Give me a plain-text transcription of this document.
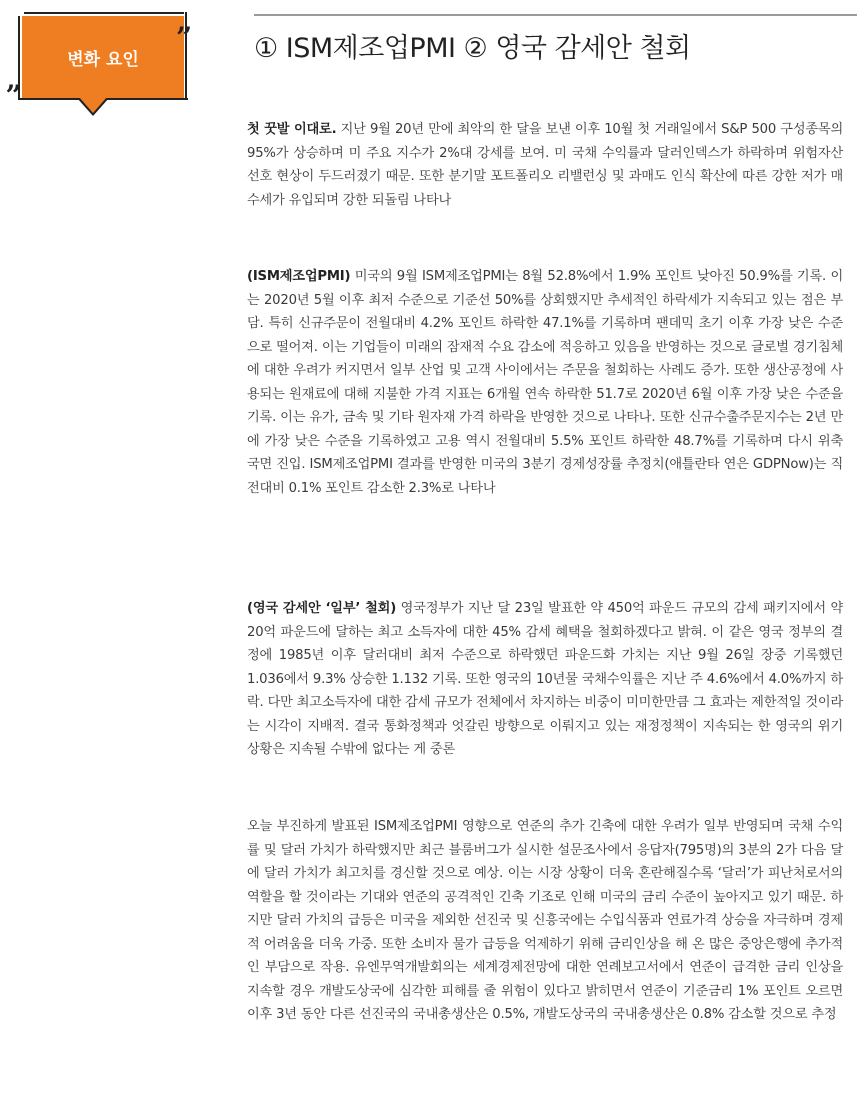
변화 요인
„
” ① ISM제조업PMI ② 영국 감세안 철회

첫 꿋발 이대로. 지난 9월 20년 만에 최악의 한 달을 보낸 이후 10월 첫 거래일에서 S&P 500 구성종목의 95%가 상승하며 미 주요 지수가 2%대 강세를 보여. 미 국채 수익률과 달러인덱스가 하락하며 위험자산 선호 현상이 두드러졌기 때문. 또한 분기말 포트폴리오 리밸런싱 및 과매도 인식 확산에 따른 강한 저가 매수세가 유입되며 강한 되돌림 나타나

(ISM제조업PMI) 미국의 9월 ISM제조업PMI는 8월 52.8%에서 1.9% 포인트 낮아진 50.9%를 기록. 이는 2020년 5월 이후 최저 수준으로 기준선 50%를 상회했지만 추세적인 하락세가 지속되고 있는 점은 부담. 특히 신규주문이 전월대비 4.2% 포인트 하락한 47.1%를 기록하며 팬데믹 초기 이후 가장 낮은 수준으로 떨어져. 이는 기업들이 미래의 잠재적 수요 감소에 적응하고 있음을 반영하는 것으로 글로벌 경기침체에 대한 우려가 커지면서 일부 산업 및 고객 사이에서는 주문을 철회하는 사례도 증가. 또한 생산공정에 사용되는 원재료에 대해 지불한 가격 지표는 6개월 연속 하락한 51.7로 2020년 6월 이후 가장 낮은 수준을 기록. 이는 유가, 금속 및 기타 원자재 가격 하락을 반영한 것으로 나타나. 또한 신규수출주문지수는 2년 만에 가장 낮은 수준을 기록하였고 고용 역시 전월대비 5.5% 포인트 하락한 48.7%를 기록하며 다시 위축 국면 진입. ISM제조업PMI 결과를 반영한 미국의 3분기 경제성장률 추정치(애틀란타 연은 GDPNow)는 직전대비 0.1% 포인트 감소한 2.3%로 나타나

(영국 감세안 ‘일부’ 철회) 영국정부가 지난 달 23일 발표한 약 450억 파운드 규모의 감세 패키지에서 약 20억 파운드에 달하는 최고 소득자에 대한 45% 감세 혜택을 철회하겠다고 밝혀. 이 같은 영국 정부의 결정에 1985년 이후 달러대비 최저 수준으로 하락했던 파운드화 가치는 지난 9월 26일 장중 기록했던 1.036에서 9.3% 상승한 1.132 기록. 또한 영국의 10년물 국채수익률은 지난 주 4.6%에서 4.0%까지 하락. 다만 최고소득자에 대한 감세 규모가 전체에서 차지하는 비중이 미미한만큼 그 효과는 제한적일 것이라는 시각이 지배적. 결국 통화정책과 엇갈린 방향으로 이뤄지고 있는 재정정책이 지속되는 한 영국의 위기 상황은 지속될 수밖에 없다는 게 중론

오늘 부진하게 발표된 ISM제조업PMI 영향으로 연준의 추가 긴축에 대한 우려가 일부 반영되며 국채 수익률 및 달러 가치가 하락했지만 최근 블룸버그가 실시한 설문조사에서 응답자(795명)의 3분의 2가 다음 달에 달러 가치가 최고치를 경신할 것으로 예상. 이는 시장 상황이 더욱 혼란해질수록 ‘달러’가 피난처로서의 역할을 할 것이라는 기대와 연준의 공격적인 긴축 기조로 인해 미국의 금리 수준이 높아지고 있기 때문. 하지만 달러 가치의 급등은 미국을 제외한 선진국 및 신흥국에는 수입식품과 연료가격 상승을 자극하며 경제적 어려움을 더욱 가중. 또한 소비자 물가 급등을 억제하기 위해 금리인상을 해 온 많은 중앙은행에 추가적인 부담으로 작용. 유엔무역개발회의는 세계경제전망에 대한 연례보고서에서 연준이 급격한 금리 인상을 지속할 경우 개발도상국에 심각한 피해를 줄 위험이 있다고 밝히면서 연준이 기준금리 1% 포인트 오르면 이후 3년 동안 다른 선진국의 국내총생산은 0.5%, 개발도상국의 국내총생산은 0.8% 감소할 것으로 추정
